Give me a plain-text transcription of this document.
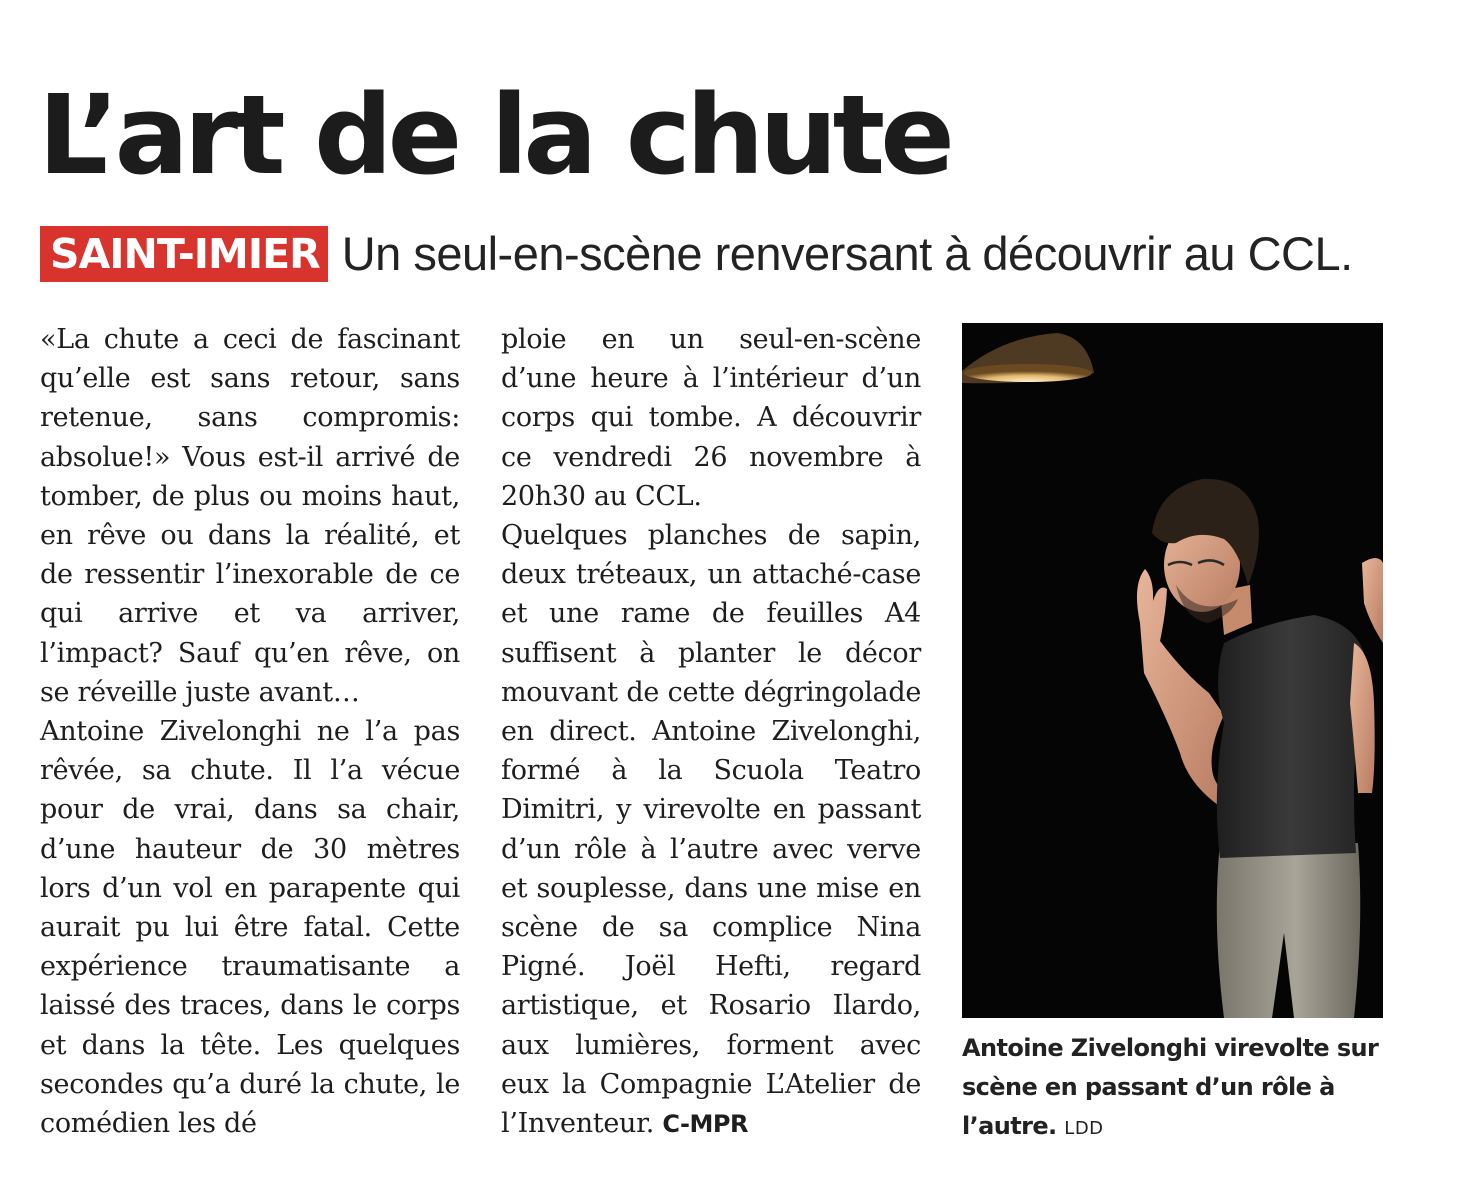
L’art de la chute
SAINT-IMIER Un seul-en-scène renversant à découvrir au CCL.

«La chute a ceci de fascinant qu’elle est sans retour, sans retenue, sans compromis: absolue!» Vous est-il arrivé de tomber, de plus ou moins haut, en rêve ou dans la réalité, et de ressentir l’inexorable de ce qui arrive et va arriver, l’impact? Sauf qu’en rêve, on se réveille juste avant…

Antoine Zivelonghi ne l’a pas rêvée, sa chute. Il l’a vécue pour de vrai, dans sa chair, d’une hauteur de 30 mètres lors d’un vol en parapente qui aurait pu lui être fatal. Cette expérience traumatisante a laissé des traces, dans le corps et dans la tête. Les quelques secondes qu’a duré la chute, le comédien les dé

ploie en un seul-en-scène d’une heure à l’intérieur d’un corps qui tombe. A découvrir ce vendredi 26 novembre à 20h30 au CCL.

Quelques planches de sapin, deux tréteaux, un attaché-case et une rame de feuilles A4 suffisent à planter le décor mouvant de cette dégringolade en direct. Antoine Zivelonghi, formé à la Scuola Teatro Dimitri, y virevolte en passant d’un rôle à l’autre avec verve et souplesse, dans une mise en scène de sa complice Nina Pigné. Joël Hefti, regard artistique, et Rosario Ilardo, aux lumières, forment avec eux la Compagnie L’Atelier de l’Inventeur. C-MPR

Antoine Zivelonghi virevolte sur scène en passant d’un rôle à l’autre. LDD
